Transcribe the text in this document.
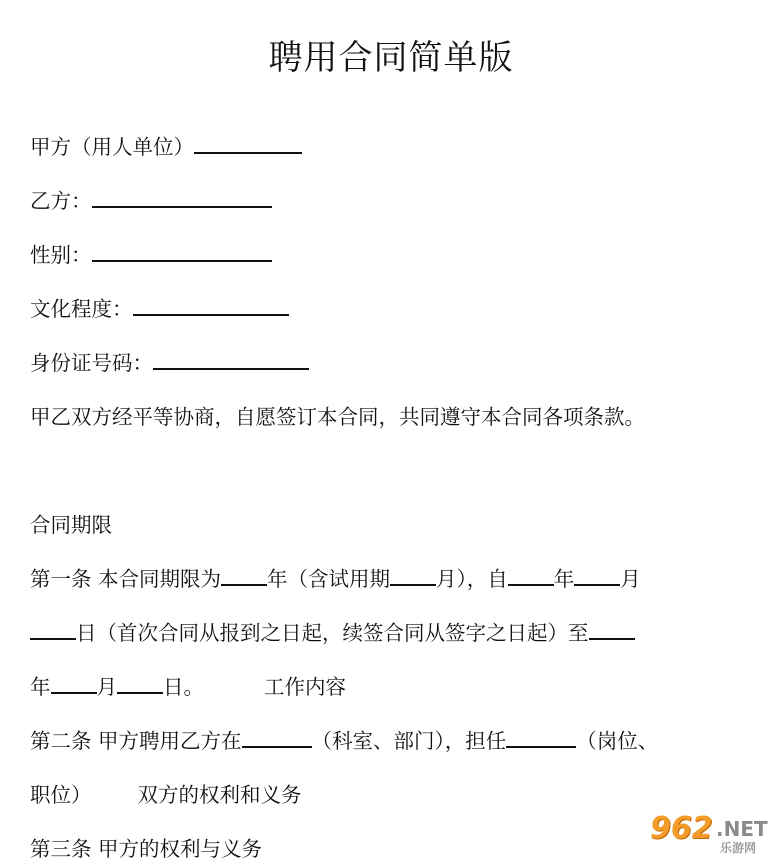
聘用合同简单版
甲方（用人单位）
乙方：
性别：
文化程度：
身份证号码：
甲乙双方经平等协商，自愿签订本合同，共同遵守本合同各项条款。
合同期限
第一条 本合同期限为 年（含试用期 月），自 年 月
日（首次合同从报到之日起，续签合同从签字之日起）至
年 月 日。	工作内容
第二条 甲方聘用乙方在	（科室、部门），担任	（岗位、
职位） 双方的权利和义务
第三条 甲方的权利与义务
962 .NET
乐游网
